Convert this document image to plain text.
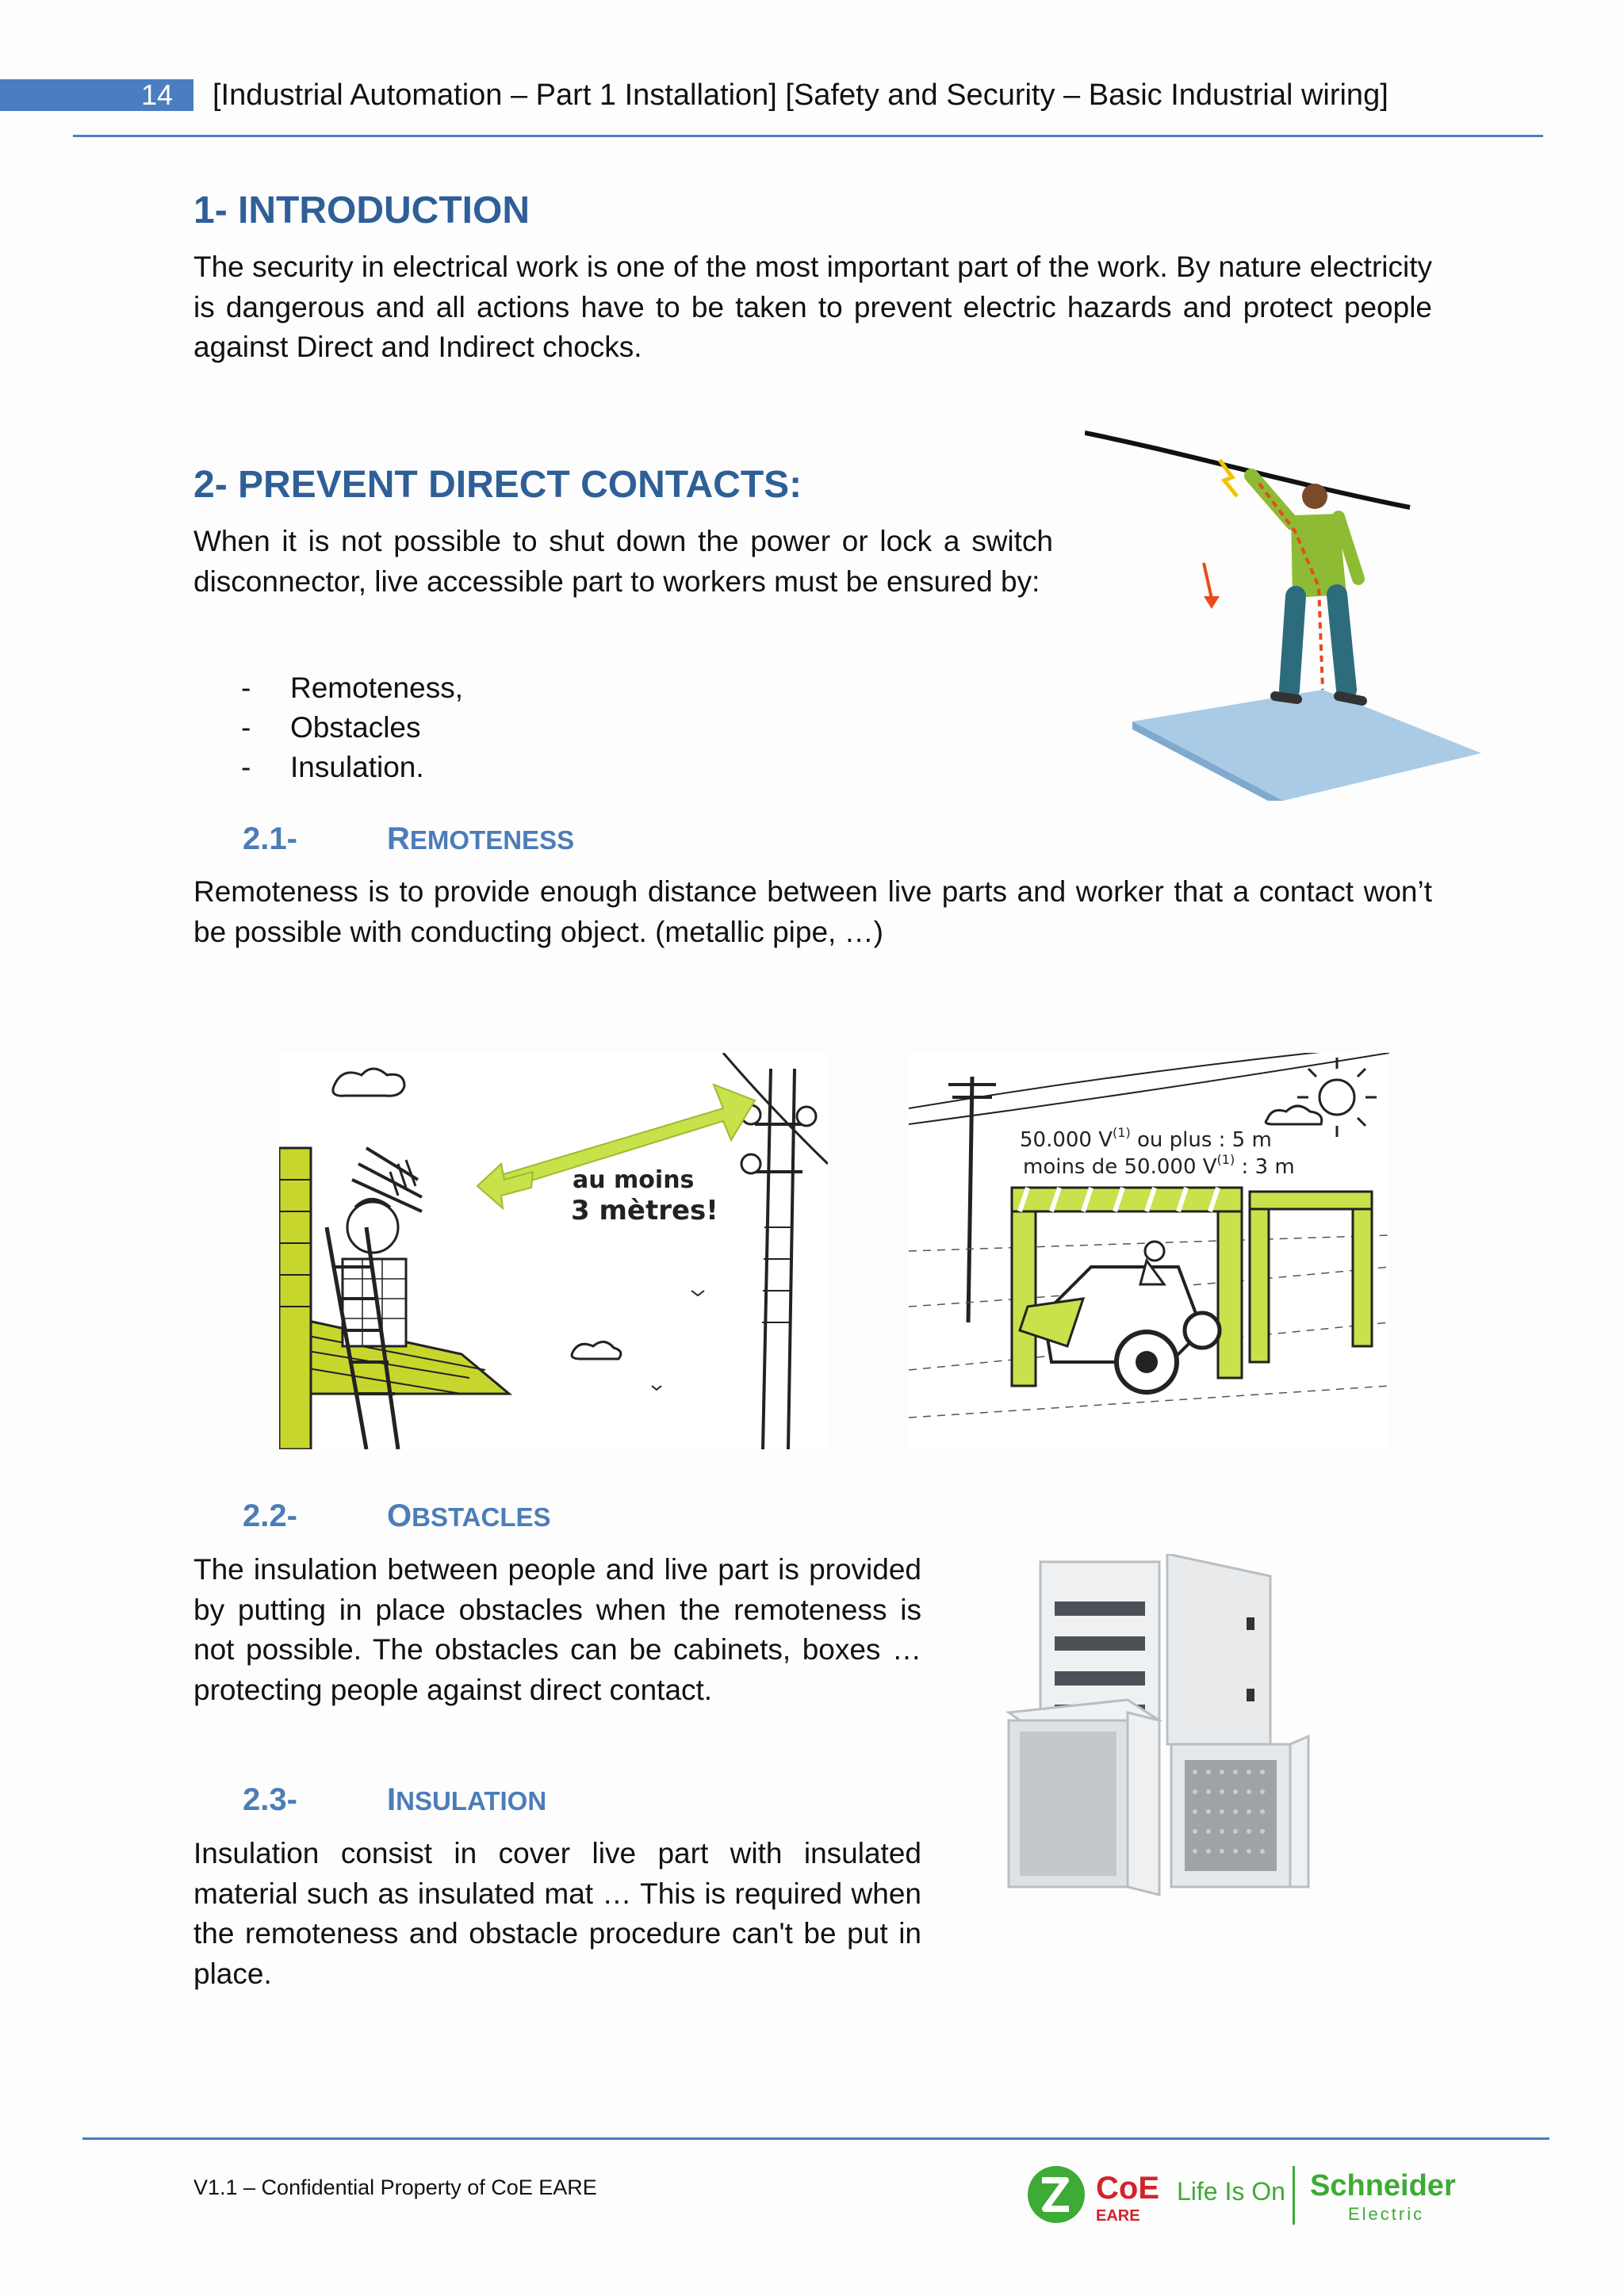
14 [Industrial Automation – Part 1 Installation] [Safety and Security – Basic Industrial wiring]
1- INTRODUCTION
The security in electrical work is one of the most important part of the work. By nature electricity is dangerous and all actions have to be taken to prevent electric hazards and protect people against Direct and Indirect chocks.
2- PREVENT DIRECT CONTACTS:
When it is not possible to shut down the power or lock a switch disconnector, live accessible part to workers must be ensured by:
- Remoteness,
- Obstacles
- Insulation.
2.1-	REMOTENESS
Remoteness is to provide enough distance between live parts and worker that a contact won’t be possible with conducting object. (metallic pipe, …)
au moins
3 mètres!
50.000 $V^{(1)}$ ou plus : 5 m
moins de 50.000 $V^{(1)}$ : 3 m
2.2-	OBSTACLES
The insulation between people and live part is provided by putting in place obstacles when the remoteness is not possible. The obstacles can be cabinets, boxes … protecting people against direct contact.
2.3-	INSULATION
Insulation consist in cover live part with insulated material such as insulated mat … This is required when the remoteness and obstacle procedure can't be put in place.
V1.1 – Confidential Property of CoE EARE	CoE
EARE
Life Is On Schneider
Electric
